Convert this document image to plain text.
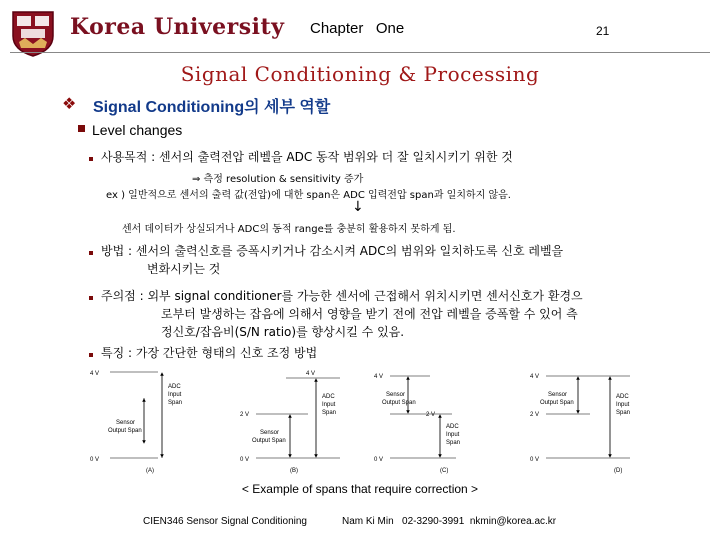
Korea University Chapter   One	21
Signal Conditioning & Processing
❖ Signal Conditioning의 세부 역할
Level changes
사용목적 : 센서의 출력전압 레벨을 ADC 동작 범위와 더 잘 일치시키기 위한 것
⇒ 측정 resolution & sensitivity 증가
ex ) 일반적으로 센서의 출력 값(전압)에 대한 span은 ADC 입력전압 span과 일치하지 않음.
↓
센서 데이터가 상실되거나 ADC의 동적 range를 충분히 활용하지 못하게 됨.
방법 : 센서의 출력신호를 증폭시키거나 감소시켜 ADC의 범위와 일치하도록 신호 레벨을
변화시키는 것
주의점 : 외부 signal conditioner를 가능한 센서에 근접해서 위치시키면 센서신호가 환경으
로부터 발생하는 잡음에 의해서 영향을 받기 전에 전압 레벨을 증폭할 수 있어 측
정신호/잡음비(S/N ratio)를 향상시킬 수 있음.
특징 : 가장 간단한 형태의 신호 조정 방법
4 V
0 V
ADC
Input
Span
Sensor
Output Span
(A)
4 V
2 V
0 V
ADC
Input
Span
Sensor
Output Span
(B)
4 V
2 V
0 V
Sensor
Output Span
ADC
Input
Span
(C)
4 V
2 V
0 V
ADC
Input
Span
Sensor
Output Span
(D)
< Example of spans that require correction >
CIEN346 Sensor Signal Conditioning	Nam Ki Min   02-3290-3991  nkmin@korea.ac.kr
